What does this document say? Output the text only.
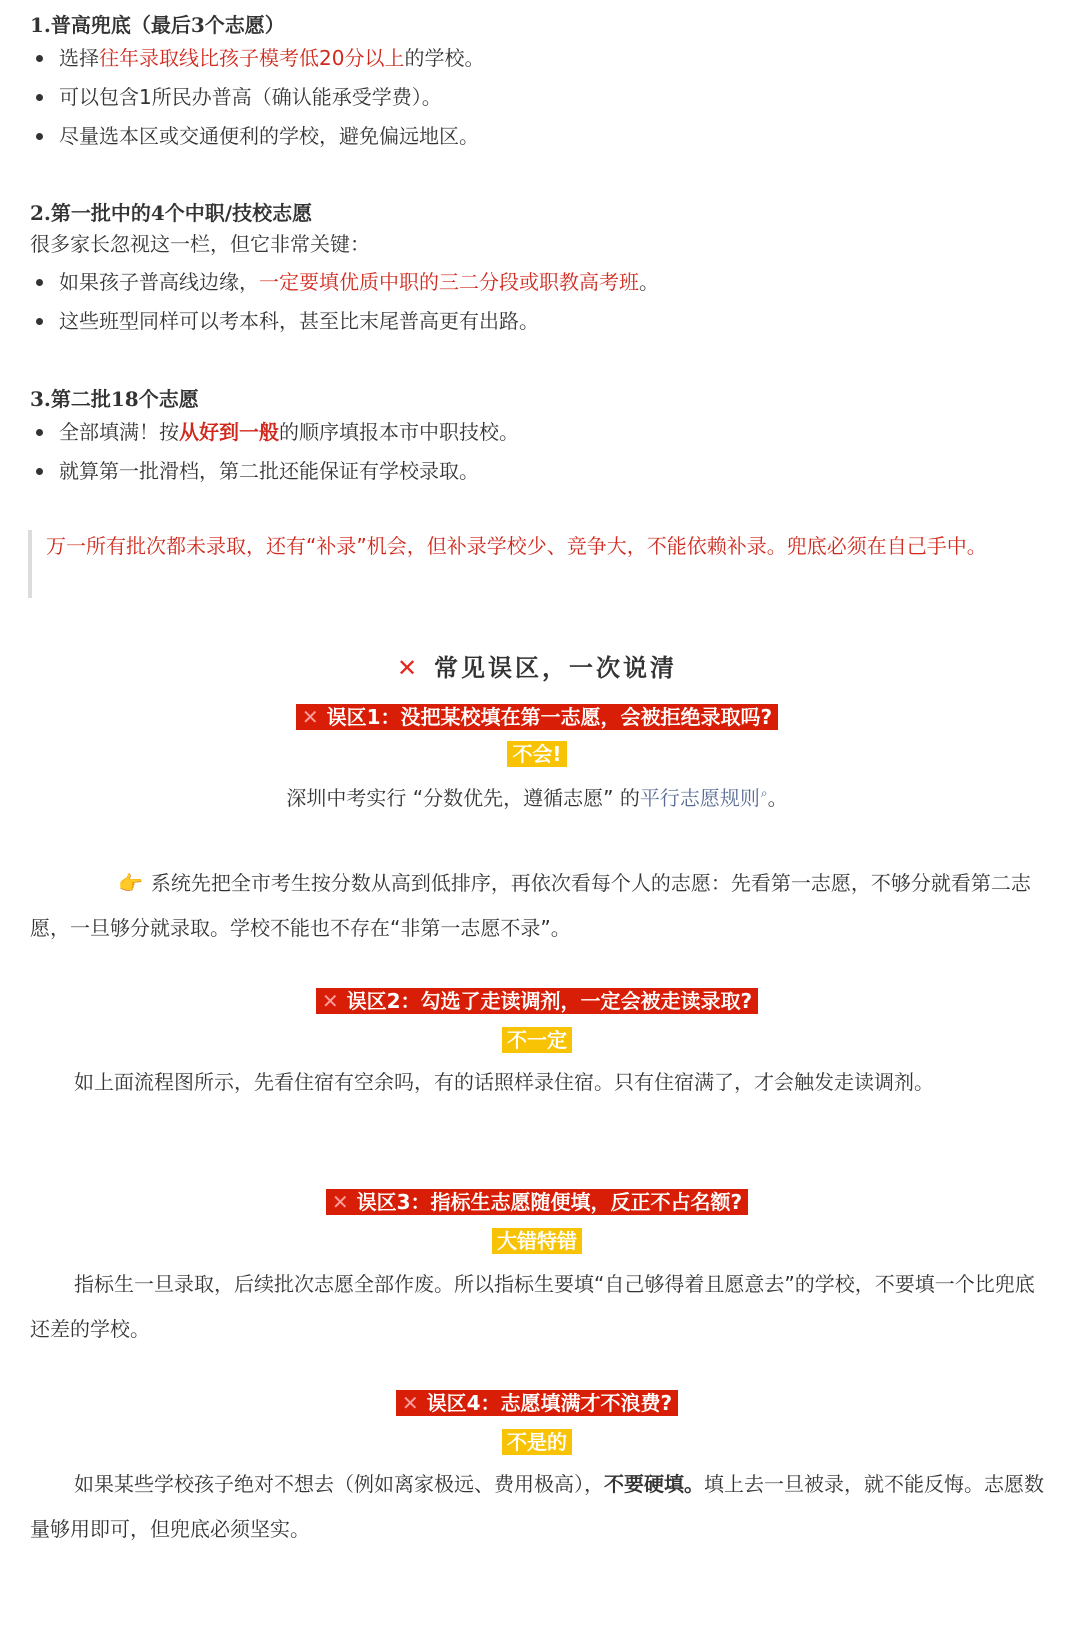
1.普高兜底（最后3个志愿）
选择往年录取线比孩子模考低20分以上的学校。
可以包含1所民办普高（确认能承受学费）。
尽量选本区或交通便利的学校，避免偏远地区。
2.第一批中的4个中职/技校志愿
很多家长忽视这一栏，但它非常关键：
如果孩子普高线边缘，一定要填优质中职的三二分段或职教高考班。
这些班型同样可以考本科，甚至比末尾普高更有出路。
3.第二批18个志愿
全部填满！按从好到一般的顺序填报本市中职技校。
就算第一批滑档，第二批还能保证有学校录取。
万一所有批次都未录取，还有“补录”机会，但补录学校少、竞争大，不能依赖补录。兜底必须在自己手中。
✕ 常见误区，一次说清
✕ 误区1：没把某校填在第一志愿，会被拒绝录取吗?
不会!
深圳中考实行 “分数优先，遵循志愿” 的平行志愿规则⌕。
👉 系统先把全市考生按分数从高到低排序，再依次看每个人的志愿：先看第一志愿，不够分就看第二志愿，一旦够分就录取。学校不能也不存在“非第一志愿不录”。
✕ 误区2：勾选了走读调剂，一定会被走读录取?
不一定
如上面流程图所示，先看住宿有空余吗，有的话照样录住宿。只有住宿满了，才会触发走读调剂。
✕ 误区3：指标生志愿随便填，反正不占名额?
大错特错
指标生一旦录取，后续批次志愿全部作废。所以指标生要填“自己够得着且愿意去”的学校，不要填一个比兜底还差的学校。
✕ 误区4：志愿填满才不浪费?
不是的
如果某些学校孩子绝对不想去（例如离家极远、费用极高），不要硬填。填上去一旦被录，就不能反悔。志愿数量够用即可，但兜底必须坚实。
